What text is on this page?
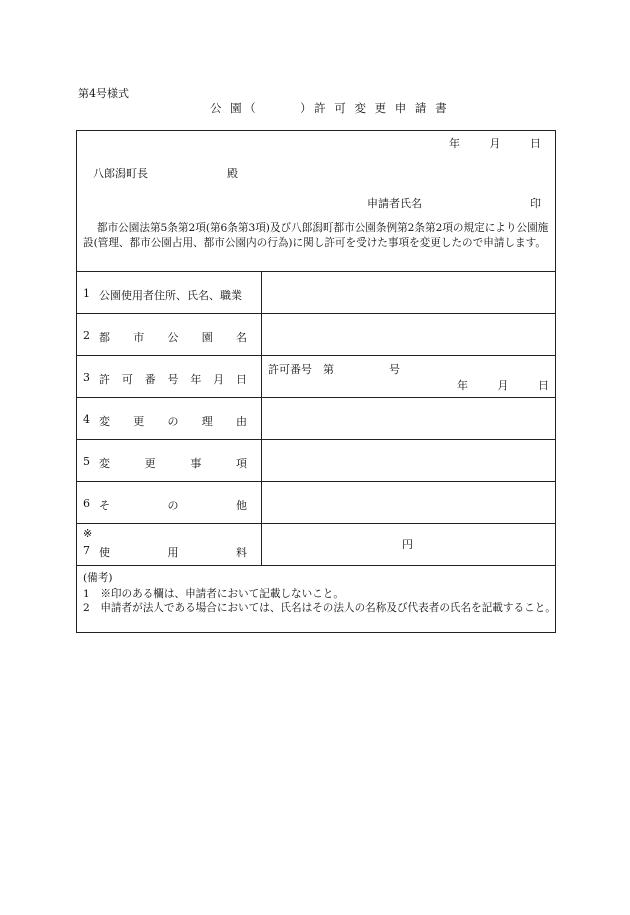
第4号様式
公 園（　　　）許 可 変 更 申 請 書
年 月 日
八郎潟町長	殿
申請者氏名	印
都市公園法第5条第2項(第6条第3項)及び八郎潟町都市公園条例第2条第2項の規定により公園施設(管理、都市公園占用、都市公園内の行為)に関し許可を受けた事項を変更したので申請します。
1 公園使用者住所、氏名、職業
2 都 市 公 園 名
3 許 可 番 号 年 月 日
許可番号　第　　　　　号
年 月 日
4 変 更 の 理 由
5 変	更	事	項
6 そ	の	他
※
7 使	用	料
円
(備考)
1　※印のある欄は、申請者において記載しないこと。
2　申請者が法人である場合においては、氏名はその法人の名称及び代表者の氏名を記載すること。
